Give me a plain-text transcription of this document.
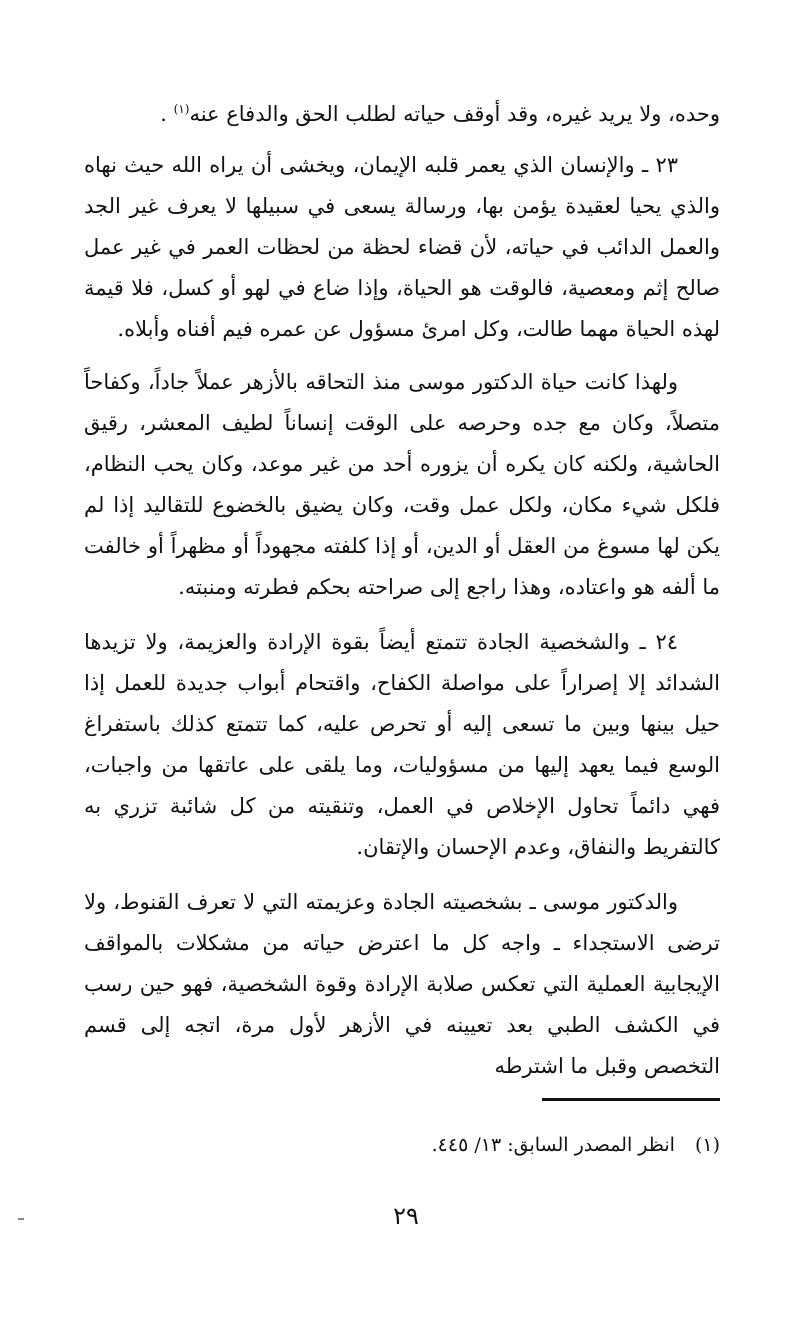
وحده، ولا يريد غيره، وقد أوقف حياته لطلب الحق والدفاع عنه$^{(١)}$ .

٢٣ ـ والإنسان الذي يعمر قلبه الإيمان، ويخشى أن يراه الله حيث نهاه والذي يحيا لعقيدة يؤمن بها، ورسالة يسعى في سبيلها لا يعرف غير الجد والعمل الدائب في حياته، لأن قضاء لحظة من لحظات العمر في غير عمل صالح إثم ومعصية، فالوقت هو الحياة، وإذا ضاع في لهو أو كسل، فلا قيمة لهذه الحياة مهما طالت، وكل امرئ مسؤول عن عمره فيم أفناه وأبلاه.

ولهذا كانت حياة الدكتور موسى منذ التحاقه بالأزهر عملاً جاداً، وكفاحاً متصلاً، وكان مع جده وحرصه على الوقت إنساناً لطيف المعشر، رقيق الحاشية، ولكنه كان يكره أن يزوره أحد من غير موعد، وكان يحب النظام، فلكل شيء مكان، ولكل عمل وقت، وكان يضيق بالخضوع للتقاليد إذا لم يكن لها مسوغ من العقل أو الدين، أو إذا كلفته مجهوداً أو مظهراً أو خالفت ما ألفه هو واعتاده، وهذا راجع إلى صراحته بحكم فطرته ومنبته.

٢٤ ـ والشخصية الجادة تتمتع أيضاً بقوة الإرادة والعزيمة، ولا تزيدها الشدائد إلا إصراراً على مواصلة الكفاح، واقتحام أبواب جديدة للعمل إذا حيل بينها وبين ما تسعى إليه أو تحرص عليه، كما تتمتع كذلك باستفراغ الوسع فيما يعهد إليها من مسؤوليات، وما يلقى على عاتقها من واجبات، فهي دائماً تحاول الإخلاص في العمل، وتنقيته من كل شائبة تزري به كالتفريط والنفاق، وعدم الإحسان والإتقان.

والدكتور موسى ـ بشخصيته الجادة وعزيمته التي لا تعرف القنوط، ولا ترضى الاستجداء ـ واجه كل ما اعترض حياته من مشكلات بالمواقف الإيجابية العملية التي تعكس صلابة الإرادة وقوة الشخصية، فهو حين رسب في الكشف الطبي بعد تعيينه في الأزهر لأول مرة، اتجه إلى قسم التخصص وقبل ما اشترطه

(١)انظر المصدر السابق: ١٣/ ٤٤٥.
٢٩
